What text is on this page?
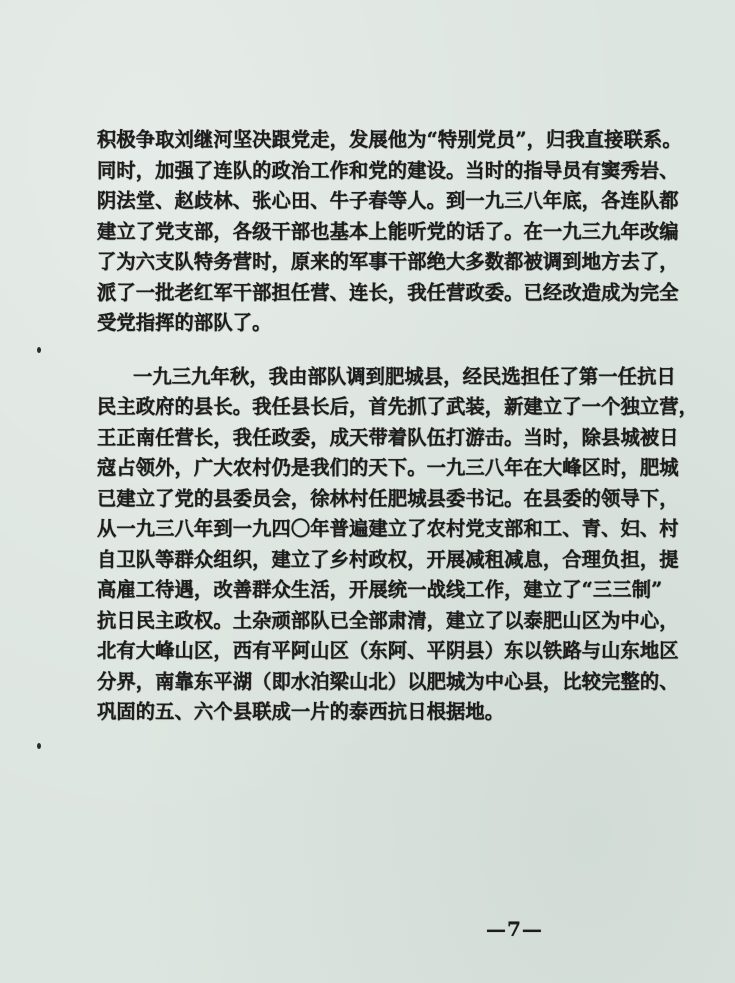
积极争取刘继河坚决跟党走，发展他为“特别党员”，归我直接联系。
同时，加强了连队的政治工作和党的建设。当时的指导员有窦秀岩、
阴法堂、赵歧林、张心田、牛子春等人。到一九三八年底，各连队都
建立了党支部，各级干部也基本上能听党的话了。在一九三九年改编
了为六支队特务营时，原来的军事干部绝大多数都被调到地方去了，
派了一批老红军干部担任营、连长，我任营政委。已经改造成为完全
受党指挥的部队了。
一九三九年秋，我由部队调到肥城县，经民选担任了第一任抗日
民主政府的县长。我任县长后，首先抓了武装，新建立了一个独立营，
王正南任营长，我任政委，成天带着队伍打游击。当时，除县城被日
寇占领外，广大农村仍是我们的天下。一九三八年在大峰区时，肥城
已建立了党的县委员会，徐林村任肥城县委书记。在县委的领导下，
从一九三八年到一九四〇年普遍建立了农村党支部和工、青、妇、村
自卫队等群众组织，建立了乡村政权，开展减租减息，合理负担，提
高雇工待遇，改善群众生活，开展统一战线工作，建立了“三三制”
抗日民主政权。土杂顽部队已全部肃清，建立了以泰肥山区为中心，
北有大峰山区，西有平阿山区（东阿、平阴县）东以铁路与山东地区
分界，南靠东平湖（即水泊梁山北）以肥城为中心县，比较完整的、
巩固的五、六个县联成一片的泰西抗日根据地。
—7—
